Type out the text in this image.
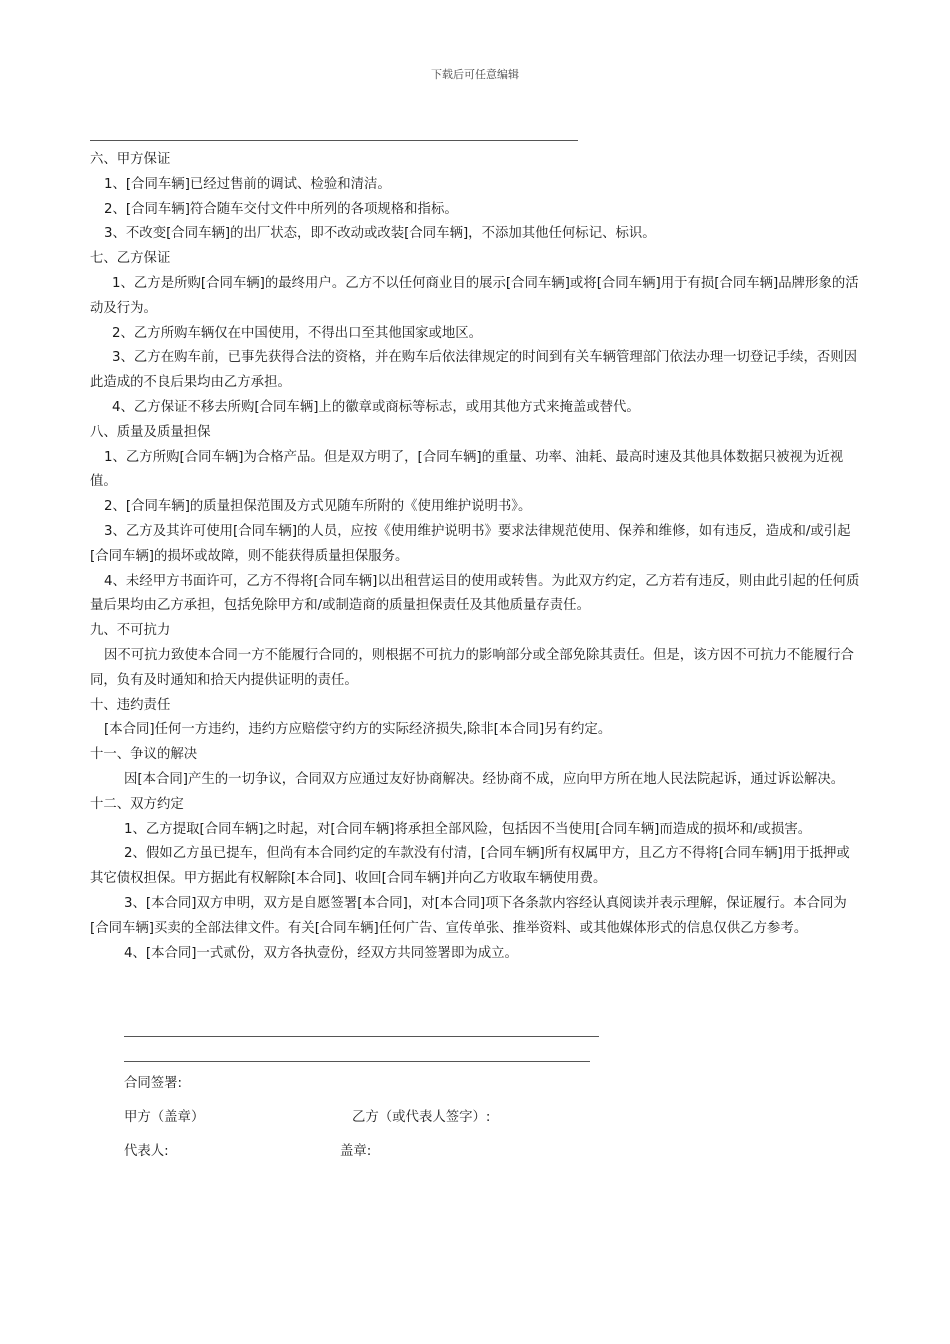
下载后可任意编辑

六、甲方保证

1、[合同车辆]已经过售前的调试、检验和清洁。

2、[合同车辆]符合随车交付文件中所列的各项规格和指标。

3、不改变[合同车辆]的出厂状态，即不改动或改装[合同车辆]，不添加其他任何标记、标识。

七、乙方保证

1、乙方是所购[合同车辆]的最终用户。乙方不以任何商业目的展示[合同车辆]或将[合同车辆]用于有损[合同车辆]品牌形象的活动及行为。

2、乙方所购车辆仅在中国使用，不得出口至其他国家或地区。

3、乙方在购车前，已事先获得合法的资格，并在购车后依法律规定的时间到有关车辆管理部门依法办理一切登记手续，否则因此造成的不良后果均由乙方承担。

4、乙方保证不移去所购[合同车辆]上的徽章或商标等标志，或用其他方式来掩盖或替代。

八、质量及质量担保

1、乙方所购[合同车辆]为合格产品。但是双方明了，[合同车辆]的重量、功率、油耗、最高时速及其他具体数据只被视为近视值。

2、[合同车辆]的质量担保范围及方式见随车所附的《使用维护说明书》。

3、乙方及其许可使用[合同车辆]的人员，应按《使用维护说明书》要求法律规范使用、保养和维修，如有违反，造成和/或引起[合同车辆]的损坏或故障，则不能获得质量担保服务。

4、未经甲方书面许可，乙方不得将[合同车辆]以出租营运目的使用或转售。为此双方约定，乙方若有违反，则由此引起的任何质量后果均由乙方承担，包括免除甲方和/或制造商的质量担保责任及其他质量存责任。

九、不可抗力

因不可抗力致使本合同一方不能履行合同的，则根据不可抗力的影响部分或全部免除其责任。但是，该方因不可抗力不能履行合同，负有及时通知和拾天内提供证明的责任。

十、违约责任

[本合同]任何一方违约，违约方应赔偿守约方的实际经济损失,除非[本合同]另有约定。

十一、争议的解决

因[本合同]产生的一切争议，合同双方应通过友好协商解决。经协商不成，应向甲方所在地人民法院起诉，通过诉讼解决。

十二、双方约定

1、乙方提取[合同车辆]之时起，对[合同车辆]将承担全部风险，包括因不当使用[合同车辆]而造成的损坏和/或损害。

2、假如乙方虽已提车，但尚有本合同约定的车款没有付清，[合同车辆]所有权属甲方，且乙方不得将[合同车辆]用于抵押或其它债权担保。甲方据此有权解除[本合同]、收回[合同车辆]并向乙方收取车辆使用费。

3、[本合同]双方申明，双方是自愿签署[本合同]，对[本合同]项下各条款内容经认真阅读并表示理解，保证履行。本合同为[合同车辆]买卖的全部法律文件。有关[合同车辆]任何广告、宣传单张、推举资料、或其他媒体形式的信息仅供乙方参考。

4、[本合同]一式贰份，双方各执壹份，经双方共同签署即为成立。

合同签署:
甲方（盖章）	乙方（或代表人签字）:
代表人:	盖章:
